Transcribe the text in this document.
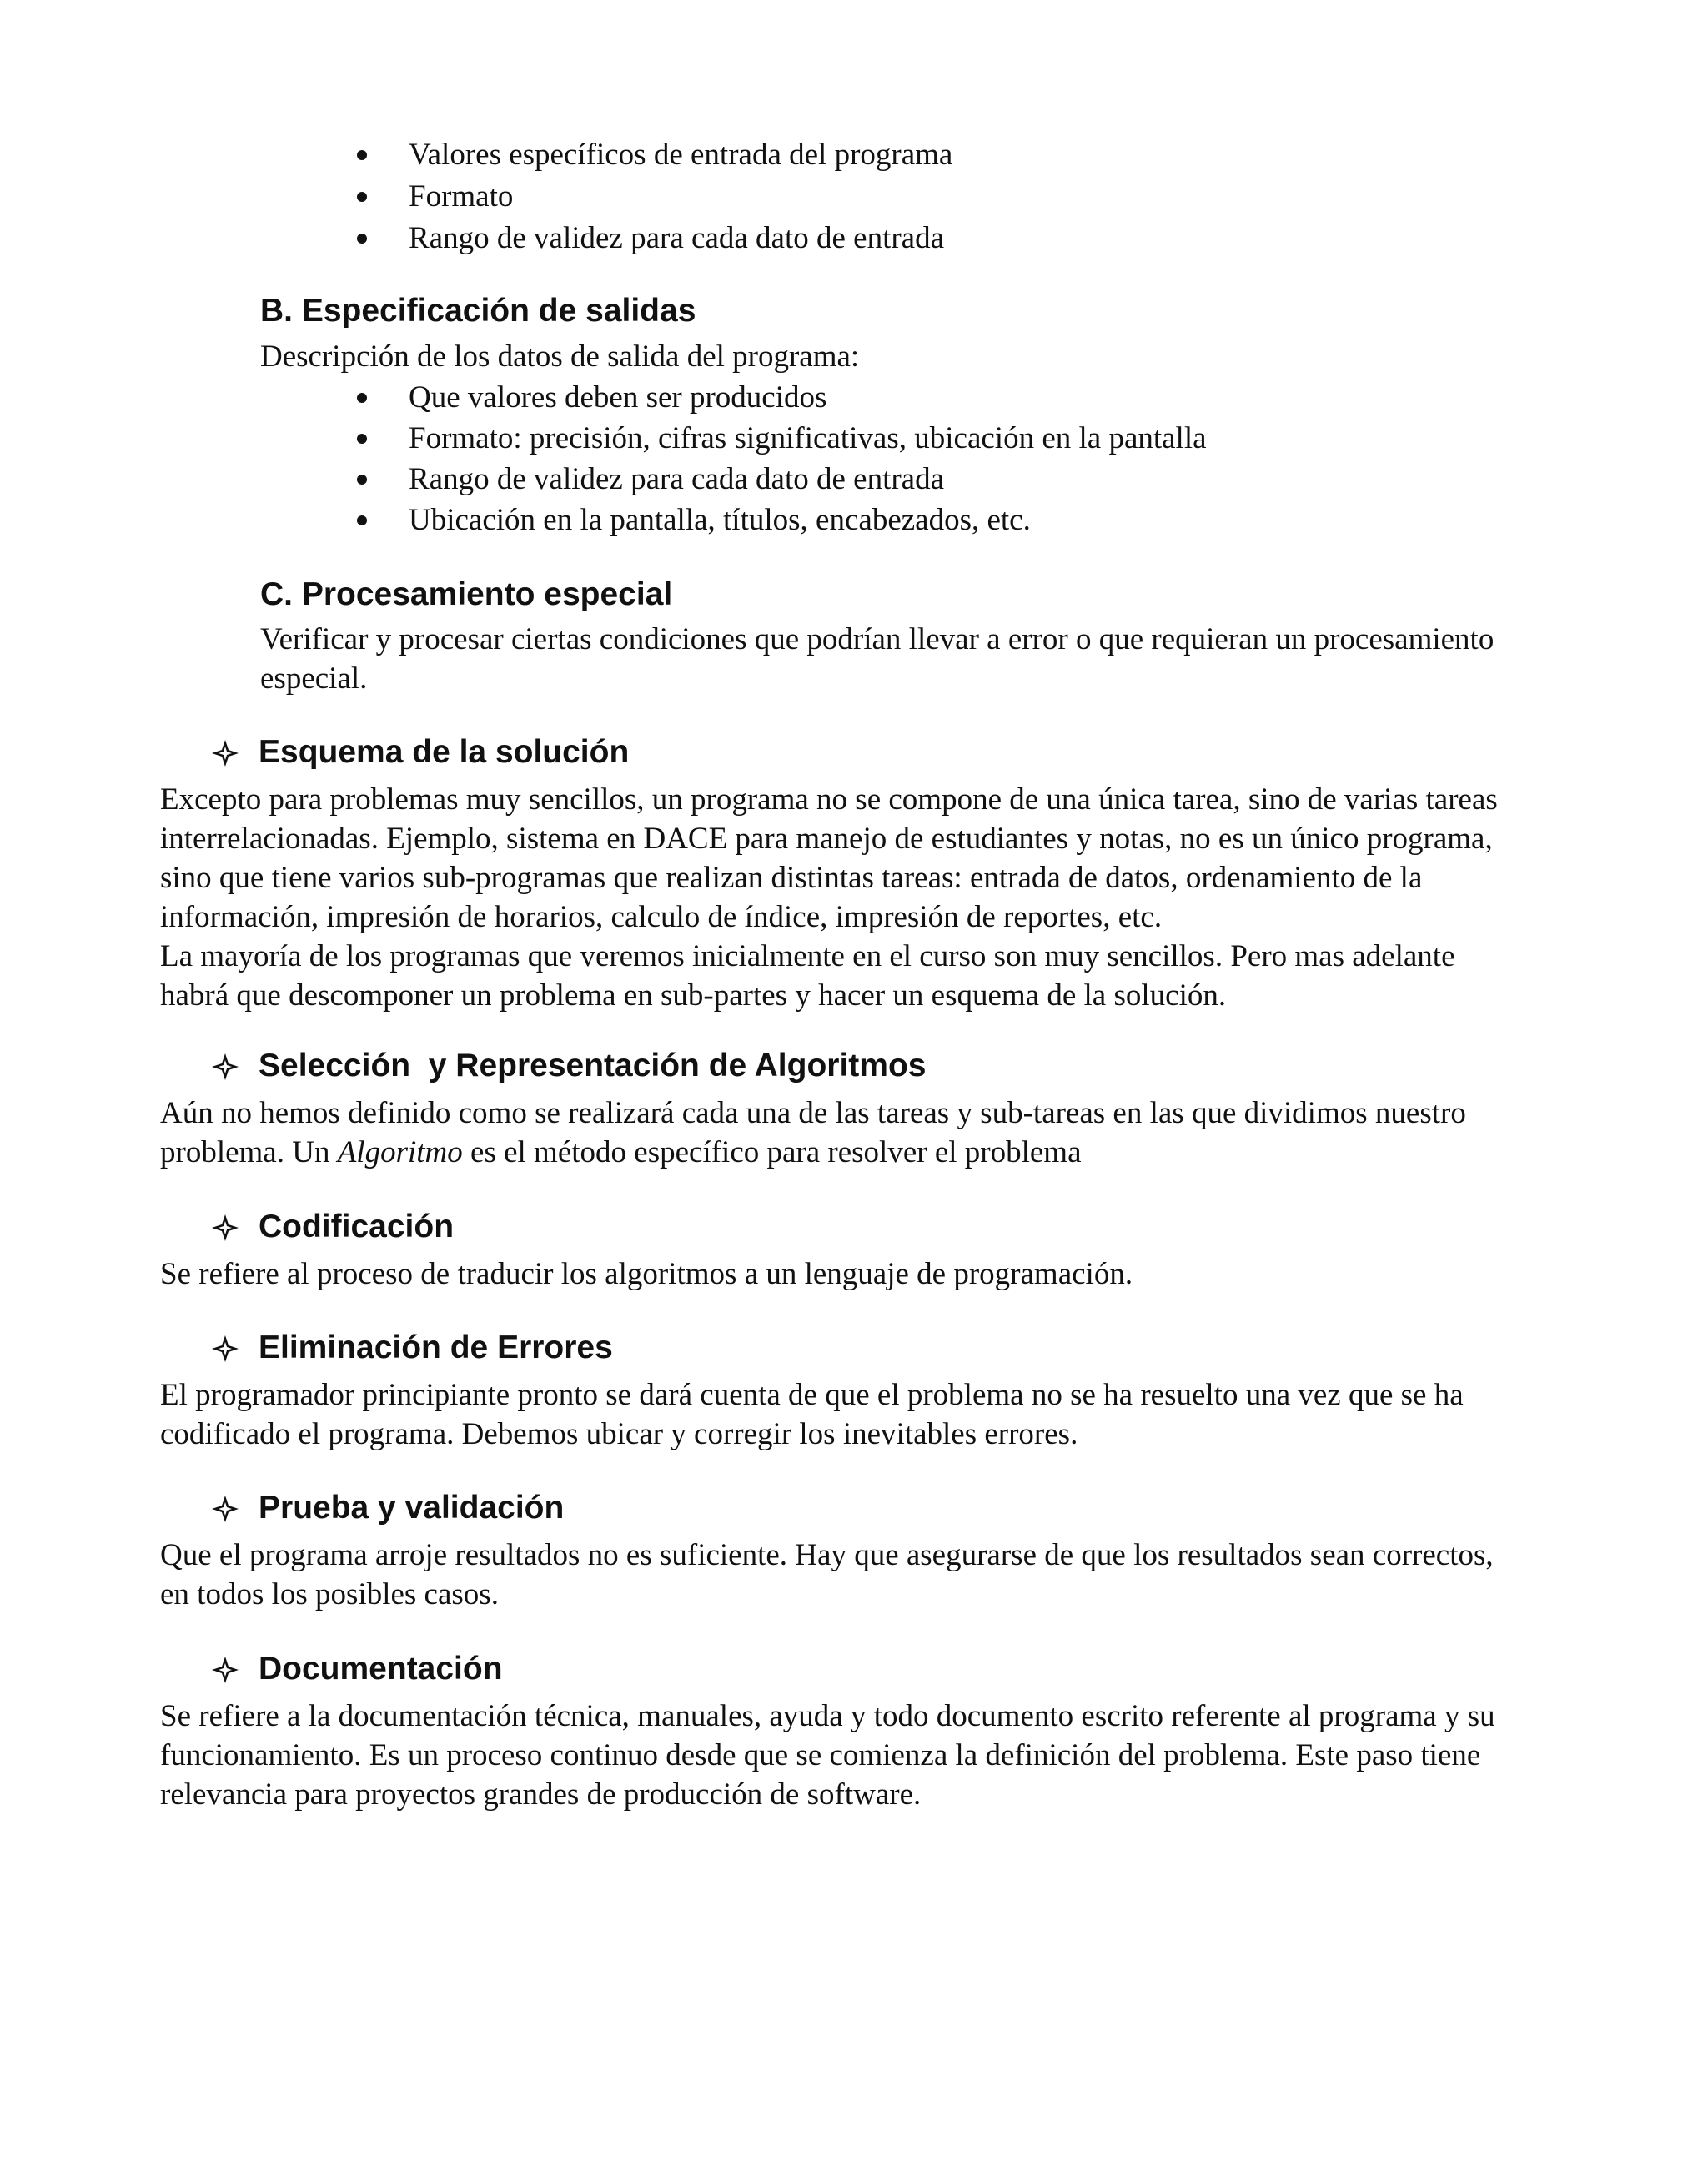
Valores específicos de entrada del programa
Formato
Rango de validez para cada dato de entrada
B. Especificación de salidas
Descripción de los datos de salida del programa:
Que valores deben ser producidos
Formato: precisión, cifras significativas, ubicación en la pantalla
Rango de validez para cada dato de entrada
Ubicación en la pantalla, títulos, encabezados, etc.
C. Procesamiento especial

Verificar y procesar ciertas condiciones que podrían llevar a error o que requieran un procesamiento

especial.

Esquema de la solución

Excepto para problemas muy sencillos, un programa no se compone de una única tarea, sino de varias tareas

interrelacionadas. Ejemplo, sistema en DACE para manejo de estudiantes y notas, no es un único programa,

sino que tiene varios sub-programas que realizan distintas tareas: entrada de datos, ordenamiento de la

información, impresión de horarios, calculo de índice, impresión de reportes, etc.

La mayoría de los programas que veremos inicialmente en el curso son muy sencillos. Pero mas adelante

habrá que descomponer un problema en sub-partes y hacer un esquema de la solución.

Selección  y Representación de Algoritmos

Aún no hemos definido como se realizará cada una de las tareas y sub-tareas en las que dividimos nuestro

problema. Un Algoritmo es el método específico para resolver el problema

Codificación

Se refiere al proceso de traducir los algoritmos a un lenguaje de programación.

Eliminación de Errores

El programador principiante pronto se dará cuenta de que el problema no se ha resuelto una vez que se ha

codificado el programa. Debemos ubicar y corregir los inevitables errores.

Prueba y validación

Que el programa arroje resultados no es suficiente. Hay que asegurarse de que los resultados sean correctos,

en todos los posibles casos.

Documentación

Se refiere a la documentación técnica, manuales, ayuda y todo documento escrito referente al programa y su

funcionamiento. Es un proceso continuo desde que se comienza la definición del problema. Este paso tiene

relevancia para proyectos grandes de producción de software.
